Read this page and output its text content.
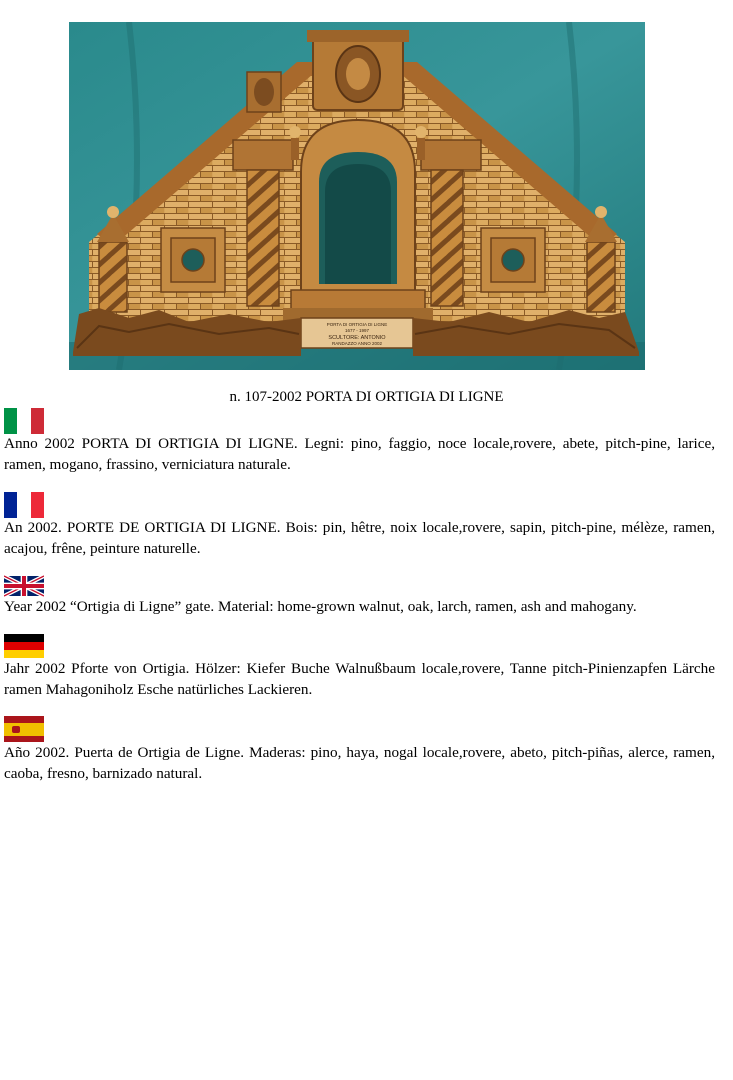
PORTA DI ORTIGIA DI LIGNE
1677 - 1997
SCULTORE: ANTONIO
RANDAZZO ANNO 2002
n. 107-2002 PORTA DI ORTIGIA DI LIGNE
Anno 2002 PORTA DI ORTIGIA DI LIGNE. Legni: pino, faggio, noce locale,rovere, abete, pitch-pine, larice, ramen, mogano, frassino, verniciatura naturale.
An 2002. PORTE DE ORTIGIA DI LIGNE. Bois: pin, hêtre, noix locale,rovere, sapin, pitch-pine, mélèze, ramen, acajou, frêne, peinture naturelle.
Year 2002 “Ortigia di Ligne” gate. Material: home-grown walnut, oak, larch, ramen, ash and mahogany.
Jahr 2002 Pforte von Ortigia. Hölzer: Kiefer Buche Walnußbaum locale,rovere, Tanne pitch-Pinienzapfen Lärche ramen Mahagoniholz Esche natürliches Lackieren.
Año 2002. Puerta de Ortigia de Ligne. Maderas: pino, haya, nogal locale,rovere, abeto, pitch-piñas, alerce, ramen, caoba, fresno, barnizado natural.
